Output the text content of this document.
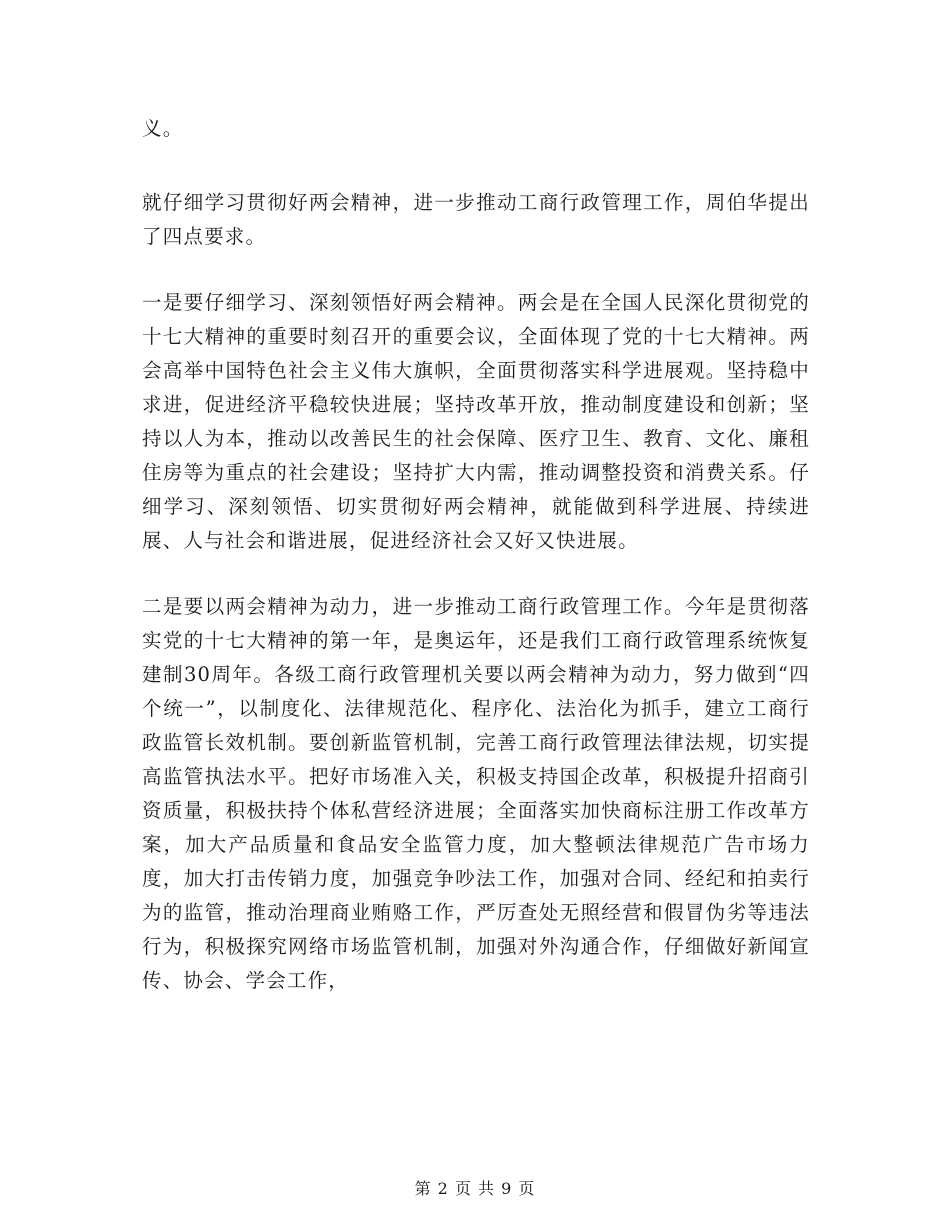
义。

就仔细学习贯彻好两会精神，进一步推动工商行政管理工作，周伯华提出了四点要求。

一是要仔细学习、深刻领悟好两会精神。两会是在全国人民深化贯彻党的十七大精神的重要时刻召开的重要会议，全面体现了党的十七大精神。两会高举中国特色社会主义伟大旗帜，全面贯彻落实科学进展观。坚持稳中求进，促进经济平稳较快进展；坚持改革开放，推动制度建设和创新；坚持以人为本，推动以改善民生的社会保障、医疗卫生、教育、文化、廉租住房等为重点的社会建设；坚持扩大内需，推动调整投资和消费关系。仔细学习、深刻领悟、切实贯彻好两会精神，就能做到科学进展、持续进展、人与社会和谐进展，促进经济社会又好又快进展。

二是要以两会精神为动力，进一步推动工商行政管理工作。今年是贯彻落实党的十七大精神的第一年，是奥运年，还是我们工商行政管理系统恢复建制30周年。各级工商行政管理机关要以两会精神为动力，努力做到“四个统一”，以制度化、法律规范化、程序化、法治化为抓手，建立工商行政监管长效机制。要创新监管机制，完善工商行政管理法律法规，切实提高监管执法水平。把好市场准入关，积极支持国企改革，积极提升招商引资质量，积极扶持个体私营经济进展；全面落实加快商标注册工作改革方案，加大产品质量和食品安全监管力度，加大整顿法律规范广告市场力度，加大打击传销力度，加强竞争吵法工作，加强对合同、经纪和拍卖行为的监管，推动治理商业贿赂工作，严厉查处无照经营和假冒伪劣等违法行为，积极探究网络市场监管机制，加强对外沟通合作，仔细做好新闻宣传、协会、学会工作，

第 2 页 共 9 页
